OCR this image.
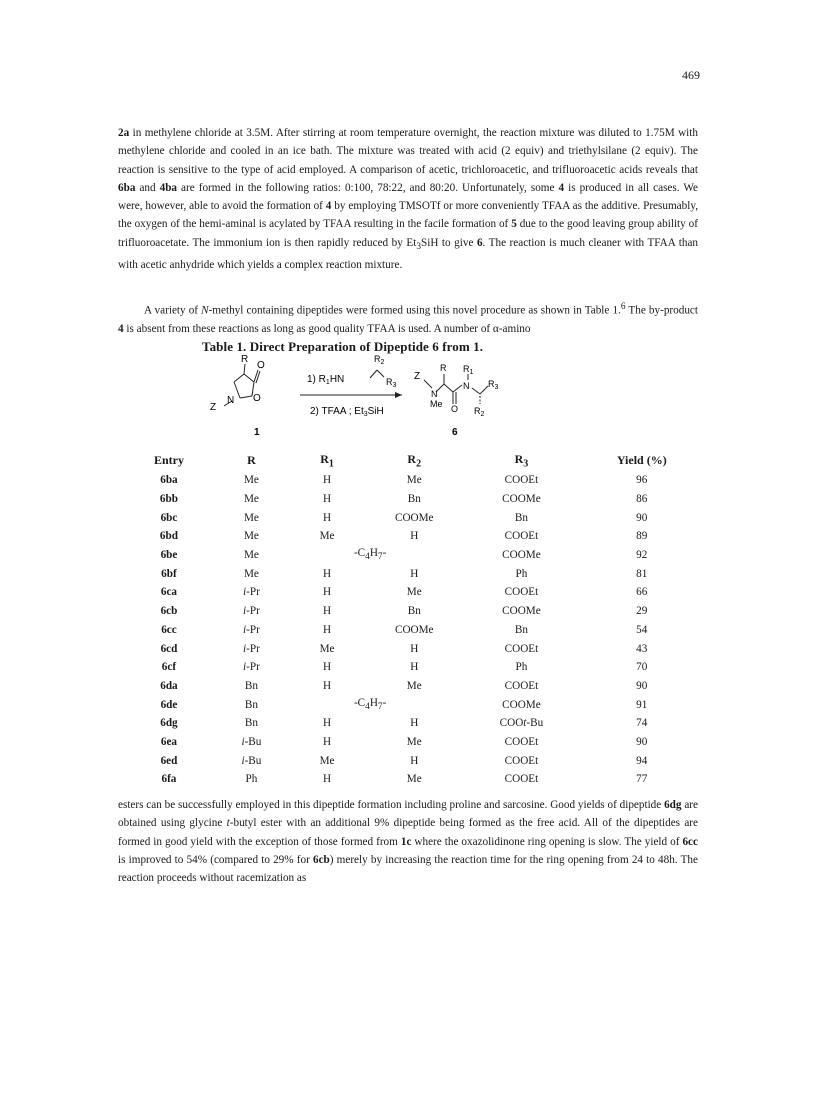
469

2a in methylene chloride at 3.5M. After stirring at room temperature overnight, the reaction mixture was diluted to 1.75M with methylene chloride and cooled in an ice bath. The mixture was treated with acid (2 equiv) and triethylsilane (2 equiv). The reaction is sensitive to the type of acid employed. A comparison of acetic, trichloroacetic, and trifluoroacetic acids reveals that 6ba and 4ba are formed in the following ratios: 0:100, 78:22, and 80:20. Unfortunately, some 4 is produced in all cases. We were, however, able to avoid the formation of 4 by employing TMSOTf or more conveniently TFAA as the additive. Presumably, the oxygen of the hemi-aminal is acylated by TFAA resulting in the facile formation of 5 due to the good leaving group ability of trifluoroacetate. The immonium ion is then rapidly reduced by $Et_3SiH$ to give 6. The reaction is much cleaner with TFAA than with acetic anhydride which yields a complex reaction mixture.

A variety of N-methyl containing dipeptides were formed using this novel procedure as shown in Table 1.$^6$ The by-product 4 is absent from these reactions as long as good quality TFAA is used. A number of α-amino

Table 1. Direct Preparation of Dipeptide 6 from 1.
R
O
Z
N O
1
$R_2$
1) $R_1HN$	$R_3$
2) TFAA ; $Et_3SiH$
Z
N
Me
R
O
$R_1$
N $R_3$
$R_2$
6
Entry	R	$R_1$	$R_2$	$R_3$	Yield (%)
6ba	Me	H	Me	COOEt	96
6bb	Me	H	Bn	COOMe	86
6bc	Me	H	COOMe	Bn	90
6bd	Me	Me	H	COOEt	89
6be	Me	$-C_4H_7-$		COOMe	92
6bf	Me	H	H	Ph	81
6ca	i-Pr	H	Me	COOEt	66
6cb	i-Pr	H	Bn	COOMe	29
6cc	i-Pr	H	COOMe	Bn	54
6cd	i-Pr	Me	H	COOEt	43
6cf	i-Pr	H	H	Ph	70
6da	Bn	H	Me	COOEt	90
6de	Bn	$-C_4H_7-$		COOMe	91
6dg	Bn	H	H	COOt-Bu	74
6ea	i-Bu	H	Me	COOEt	90
6ed	i-Bu	Me	H	COOEt	94
6fa	Ph	H	Me	COOEt	77

esters can be successfully employed in this dipeptide formation including proline and sarcosine. Good yields of dipeptide 6dg are obtained using glycine t-butyl ester with an additional 9% dipeptide being formed as the free acid. All of the dipeptides are formed in good yield with the exception of those formed from 1c where the oxazolidinone ring opening is slow. The yield of 6cc is improved to 54% (compared to 29% for 6cb) merely by increasing the reaction time for the ring opening from 24 to 48h. The reaction proceeds without racemization as
